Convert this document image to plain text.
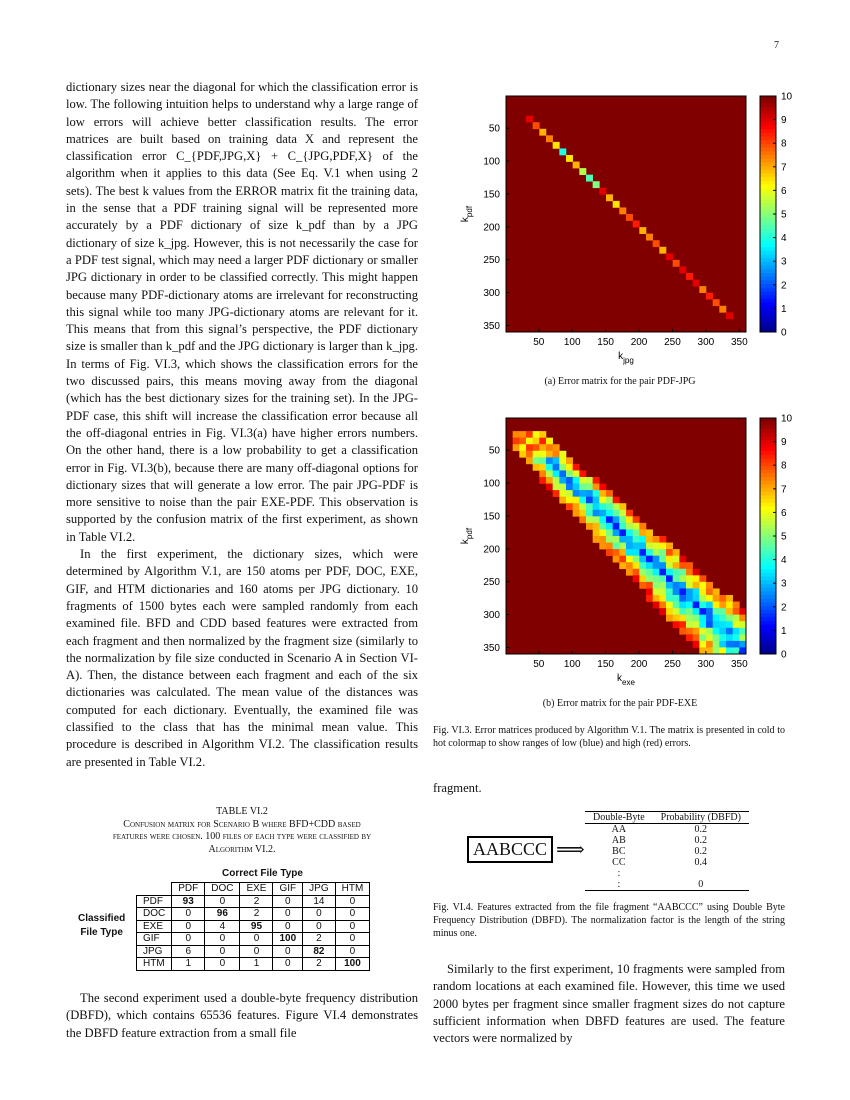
7

dictionary sizes near the diagonal for which the classification error is low. The following intuition helps to understand why a large range of low errors will achieve better classification results. The error matrices are built based on training data X and represent the classification error C_{PDF,JPG,X} + C_{JPG,PDF,X} of the algorithm when it applies to this data (See Eq. V.1 when using 2 sets). The best k values from the ERROR matrix fit the training data, in the sense that a PDF training signal will be represented more accurately by a PDF dictionary of size k_pdf than by a JPG dictionary of size k_jpg. However, this is not necessarily the case for a PDF test signal, which may need a larger PDF dictionary or smaller JPG dictionary in order to be classified correctly. This might happen because many PDF-dictionary atoms are irrelevant for reconstructing this signal while too many JPG-dictionary atoms are relevant for it. This means that from this signal’s perspective, the PDF dictionary size is smaller than k_pdf and the JPG dictionary is larger than k_jpg. In terms of Fig. VI.3, which shows the classification errors for the two discussed pairs, this means moving away from the diagonal (which has the best dictionary sizes for the training set). In the JPG-PDF case, this shift will increase the classification error because all the off-diagonal entries in Fig. VI.3(a) have higher errors numbers. On the other hand, there is a low probability to get a classification error in Fig. VI.3(b), because there are many off-diagonal options for dictionary sizes that will generate a low error. The pair JPG-PDF is more sensitive to noise than the pair EXE-PDF. This observation is supported by the confusion matrix of the first experiment, as shown in Table VI.2.

In the first experiment, the dictionary sizes, which were determined by Algorithm V.1, are 150 atoms per PDF, DOC, EXE, GIF, and HTM dictionaries and 160 atoms per JPG dictionary. 10 fragments of 1500 bytes each were sampled randomly from each examined file. BFD and CDD based features were extracted from each fragment and then normalized by the fragment size (similarly to the normalization by file size conducted in Scenario A in Section VI-A). Then, the distance between each fragment and each of the six dictionaries was calculated. The mean value of the distances was computed for each dictionary. Eventually, the examined file was classified to the class that has the minimal mean value. This procedure is described in Algorithm VI.2. The classification results are presented in Table VI.2.

TABLE VI.2
Confusion matrix for Scenario B where BFD+CDD based
features were chosen. 100 files of each type were classified by
Algorithm VI.2.
Correct File Type
Classified
File Type
	PDF	DOC	EXE	GIF	JPG	HTM
PDF	93	0	2	0	14	0
DOC	0	96	2	0	0	0
EXE	0	4	95	0	0	0
GIF	0	0	0	100	2	0
JPG	6	0	0	0	82	0
HTM	1	0	1	0	2	100

The second experiment used a double-byte frequency distribution (DBFD), which contains 65536 features. Figure VI.4 demonstrates the DBFD feature extraction from a small file

50 100 150 200 250 300 350
50
100
150
200
250
300
350
$k_{jpg}$
$k_{pdf}$
0
1
2
3
4
5
6
7
8
9
10
(a) Error matrix for the pair PDF-JPG
50 100 150 200 250 300 350
50
100
150
200
250
300
350
$k_{exe}$
$k_{pdf}$
0
1
2
3
4
5
6
7
8
9
10
(b) Error matrix for the pair PDF-EXE
Fig. VI.3. Error matrices produced by Algorithm V.1. The matrix is presented in cold to hot colormap to show ranges of low (blue) and high (red) errors.
fragment.
AABCCC ⟹
Double-Byte	Probability (DBFD)
AA	0.2
AB	0.2
BC	0.2
CC	0.4
:	
:	0
Fig. VI.4. Features extracted from the file fragment “AABCCC” using Double Byte Frequency Distribution (DBFD). The normalization factor is the length of the string minus one.

Similarly to the first experiment, 10 fragments were sampled from random locations at each examined file. However, this time we used 2000 bytes per fragment since smaller fragment sizes do not capture sufficient information when DBFD features are used. The feature vectors were normalized by
